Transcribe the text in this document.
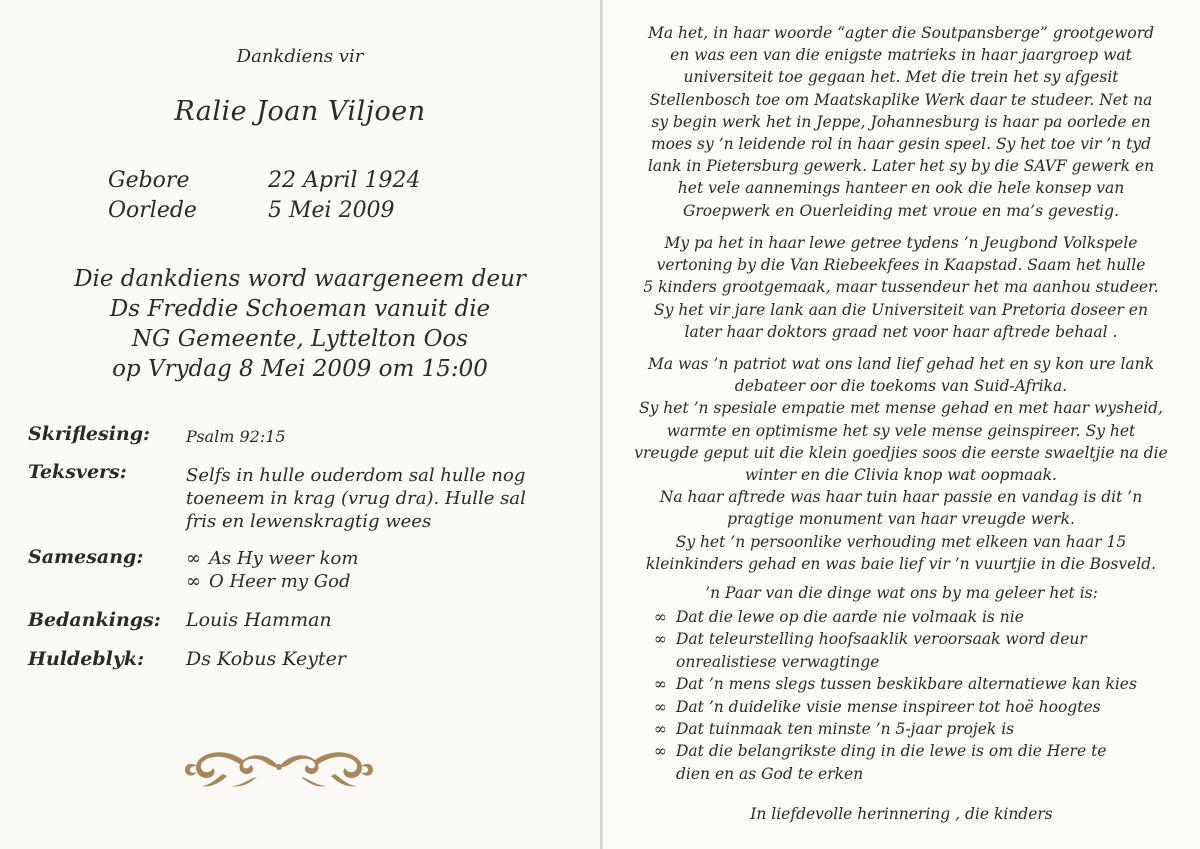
Dankdiens vir
Ralie Joan Viljoen
Gebore	22 April 1924
Oorlede	5 Mei 2009
Die dankdiens word waargeneem deur
Ds Freddie Schoeman vanuit die
NG Gemeente, Lyttelton Oos
op Vrydag 8 Mei 2009 om 15:00
Skriflesing: Psalm 92:15
Teksvers:	Selfs in hulle ouderdom sal hulle nog
toeneem in krag (vrug dra). Hulle sal
fris en lewenskragtig wees
Samesang: ∞ As Hy weer kom
∞ O Heer my God
Bedankings: Louis Hamman
Huldeblyk: Ds Kobus Keyter
Ma het, in haar woorde “agter die Soutpansberge” grootgeword
en was een van die enigste matrieks in haar jaargroep wat
universiteit toe gegaan het. Met die trein het sy afgesit
Stellenbosch toe om Maatskaplike Werk daar te studeer. Net na
sy begin werk het in Jeppe, Johannesburg is haar pa oorlede en
moes sy ’n leidende rol in haar gesin speel. Sy het toe vir ’n tyd
lank in Pietersburg gewerk. Later het sy by die SAVF gewerk en
het vele aannemings hanteer en ook die hele konsep van
Groepwerk en Ouerleiding met vroue en ma’s gevestig.
My pa het in haar lewe getree tydens ’n Jeugbond Volkspele
vertoning by die Van Riebeekfees in Kaapstad. Saam het hulle
5 kinders grootgemaak, maar tussendeur het ma aanhou studeer.
Sy het vir jare lank aan die Universiteit van Pretoria doseer en
later haar doktors graad net voor haar aftrede behaal .
Ma was ’n patriot wat ons land lief gehad het en sy kon ure lank
debateer oor die toekoms van Suid-Afrika.
Sy het ’n spesiale empatie met mense gehad en met haar wysheid,
warmte en optimisme het sy vele mense geinspireer. Sy het
vreugde geput uit die klein goedjies soos die eerste swaeltjie na die
winter en die Clivia knop wat oopmaak.
Na haar aftrede was haar tuin haar passie en vandag is dit ’n
pragtige monument van haar vreugde werk.
Sy het ’n persoonlike verhouding met elkeen van haar 15
kleinkinders gehad en was baie lief vir ’n vuurtjie in die Bosveld.
’n Paar van die dinge wat ons by ma geleer het is:
∞ Dat die lewe op die aarde nie volmaak is nie
∞ Dat teleurstelling hoofsaaklik veroorsaak word deur
onrealistiese verwagtinge
∞ Dat ’n mens slegs tussen beskikbare alternatiewe kan kies
∞ Dat ’n duidelike visie mense inspireer tot hoë hoogtes
∞ Dat tuinmaak ten minste ’n 5-jaar projek is
∞ Dat die belangrikste ding in die lewe is om die Here te
dien en as God te erken
In liefdevolle herinnering , die kinders
